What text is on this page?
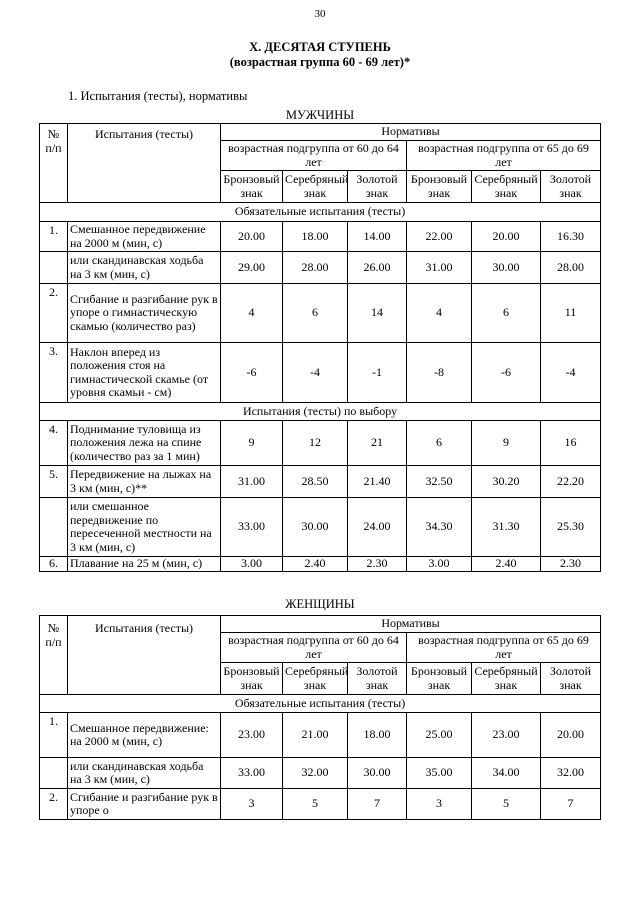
30
X. ДЕСЯТАЯ СТУПЕНЬ
(возрастная группа 60 - 69 лет)*
1. Испытания (тесты), нормативы
МУЖЧИНЫ
№ п/п	Испытания (тесты)	Нормативы					
		возрастная подгруппа от 60 до 64 лет			возрастная подгруппа от 65 до 69 лет		
		Бронзовый знак	Серебряный знак	Золотой знак	Бронзовый знак	Серебряный знак	Золотой знак
Обязательные испытания (тесты)							
1.	Смешанное передвижение на 2000 м (мин, с)	20.00	18.00	14.00	22.00	20.00	16.30
	или скандинавская ходьба на 3 км (мин, с)	29.00	28.00	26.00	31.00	30.00	28.00
2.	Сгибание и разгибание рук в упоре о гимнастическую скамью (количество раз)	4	6	14	4	6	11
3.	Наклон вперед из положения стоя на гимнастической скамье (от уровня скамьи - см)	-6	-4	-1	-8	-6	-4
Испытания (тесты) по выбору							
4.	Поднимание туловища из положения лежа на спине (количество раз за 1 мин)	9	12	21	6	9	16
5.	Передвижение на лыжах на 3 км (мин, с)**	31.00	28.50	21.40	32.50	30.20	22.20
	или смешанное передвижение по пересеченной местности на 3 км (мин, с)	33.00	30.00	24.00	34.30	31.30	25.30
6.	Плавание на 25 м (мин, с)	3.00	2.40	2.30	3.00	2.40	2.30
ЖЕНЩИНЫ
№ п/п	Испытания (тесты)	Нормативы					
		возрастная подгруппа от 60 до 64 лет			возрастная подгруппа от 65 до 69 лет		
		Бронзовый знак	Серебряный знак	Золотой знак	Бронзовый знак	Серебряный знак	Золотой знак
Обязательные испытания (тесты)							
1.	Смешанное передвижение: на 2000 м (мин, с)	23.00	21.00	18.00	25.00	23.00	20.00
	или скандинавская ходьба на 3 км (мин, с)	33.00	32.00	30.00	35.00	34.00	32.00
2.	Сгибание и разгибание рук в упоре о	3	5	7	3	5	7
